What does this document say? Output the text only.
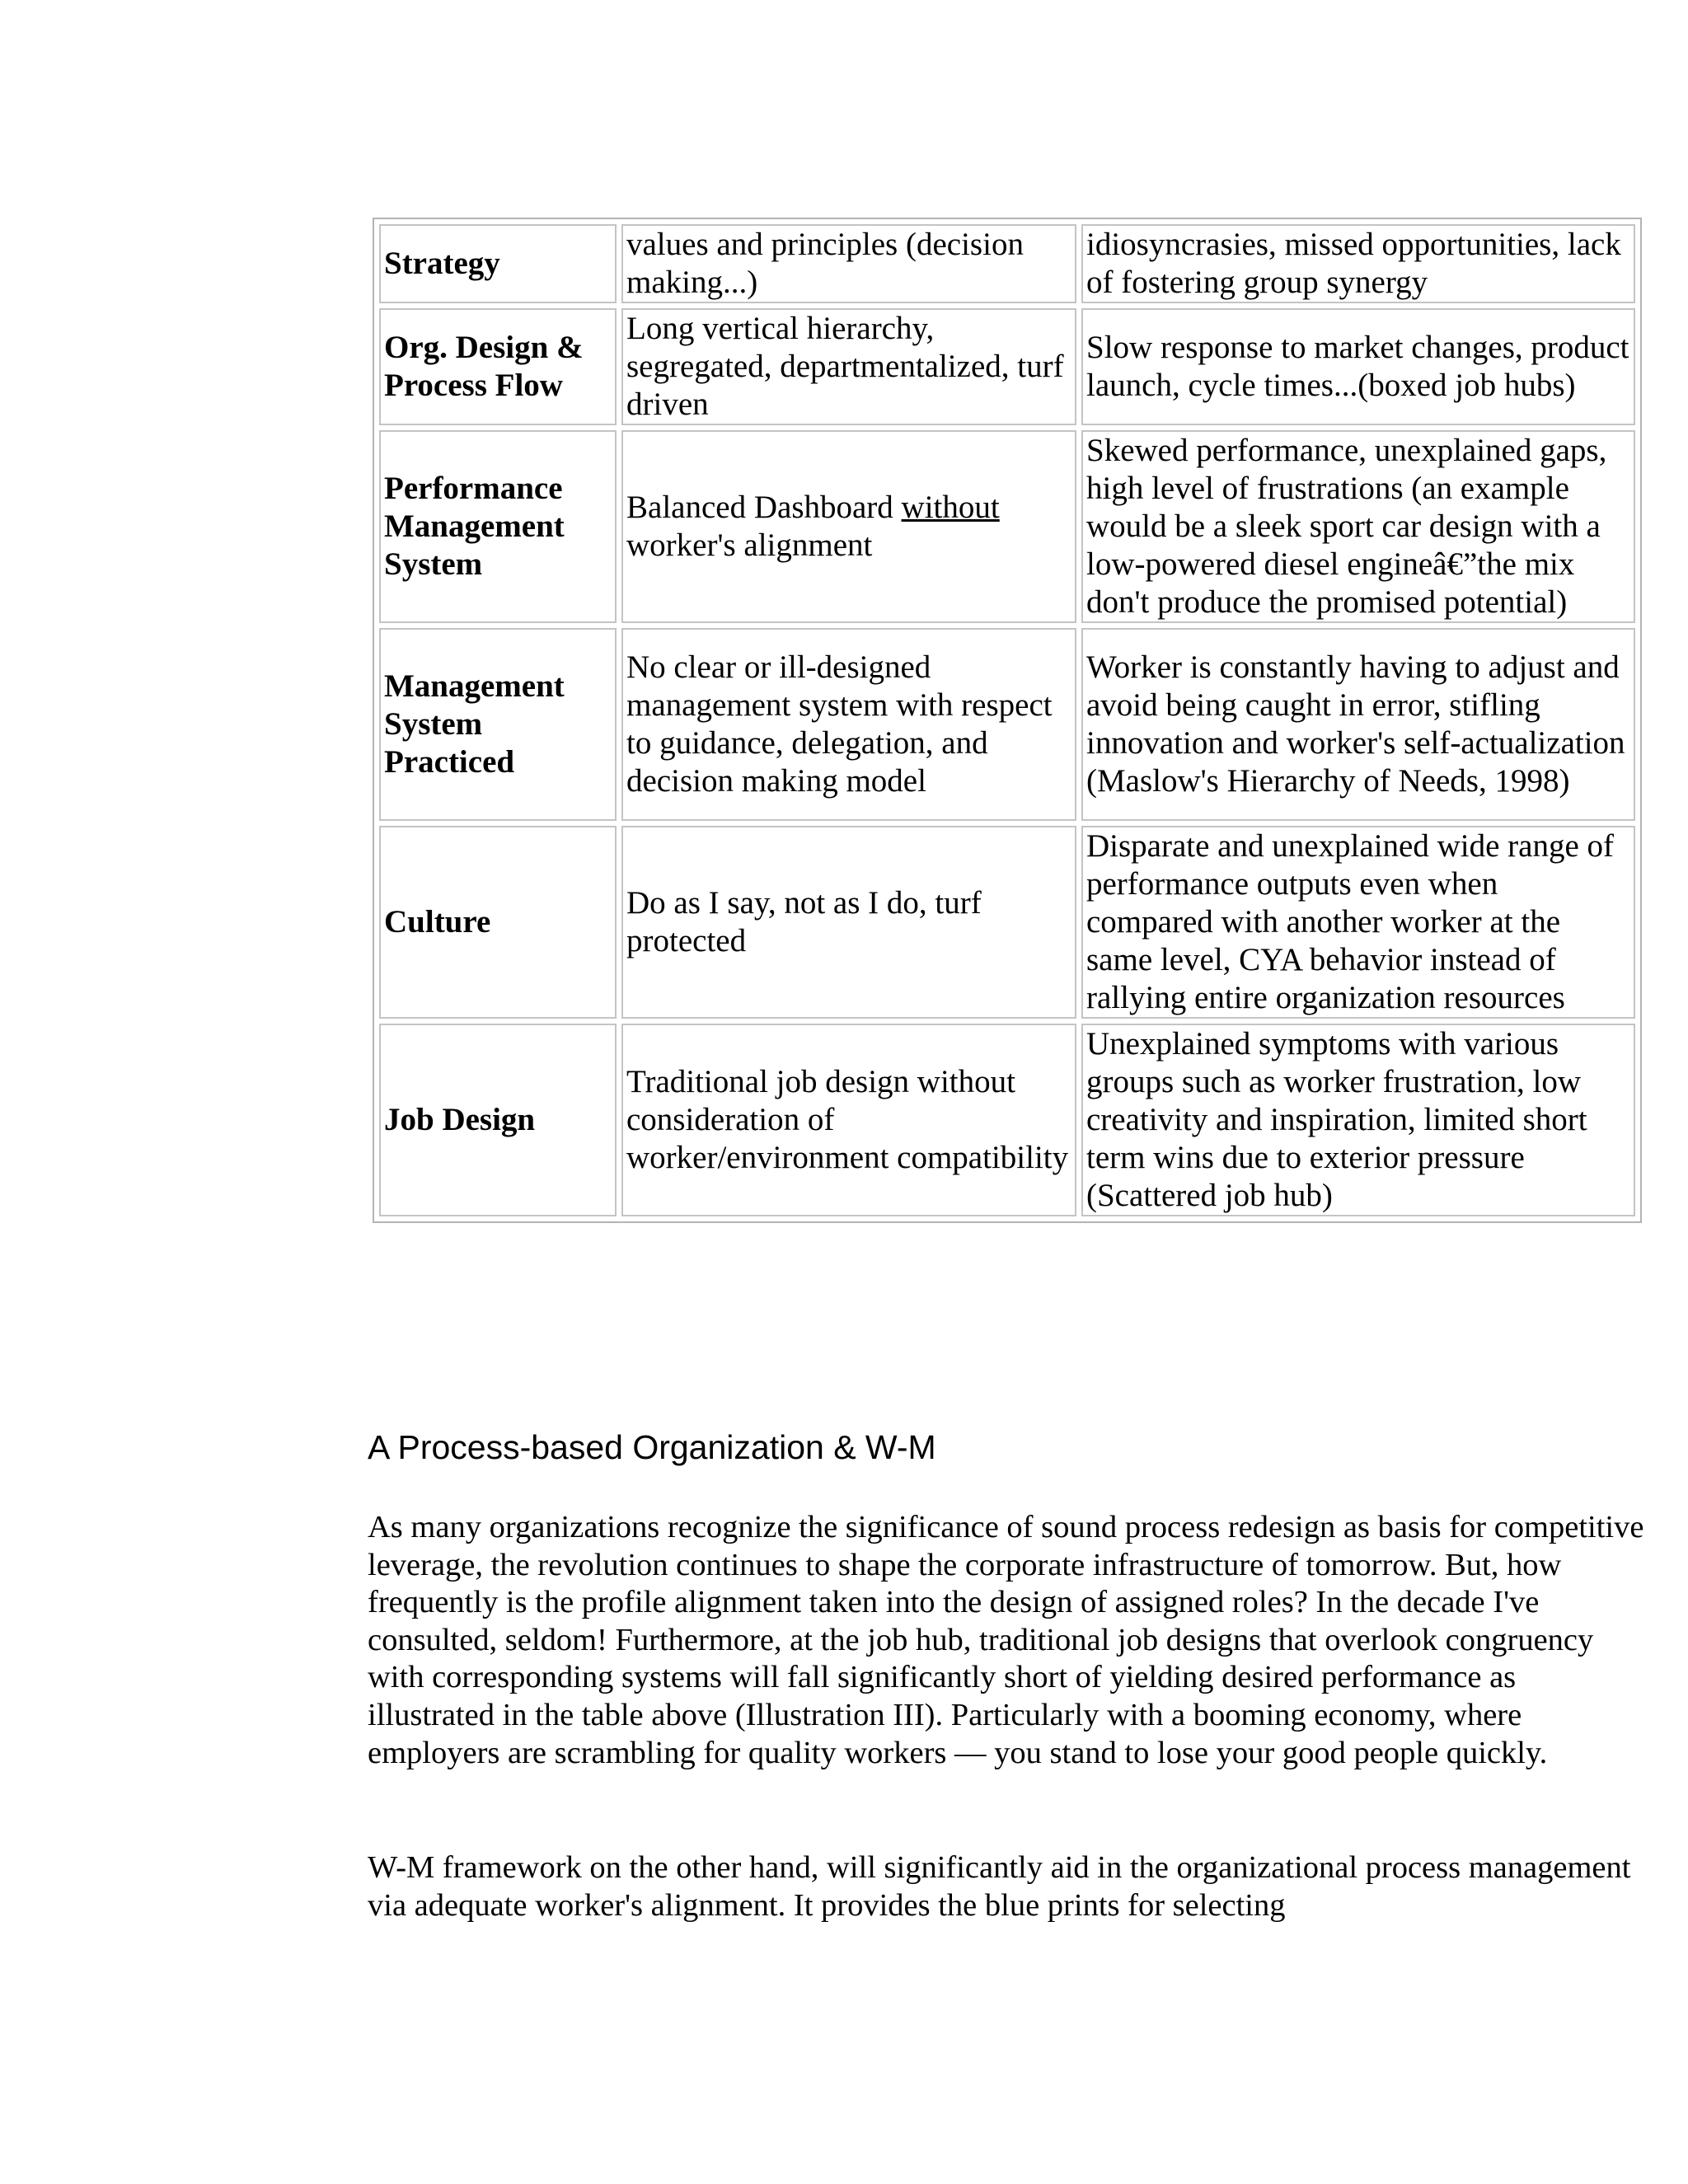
Strategy	values and principles (decision making...)	idiosyncrasies, missed opportunities, lack of fostering group synergy
Org. Design & Process Flow	Long vertical hierarchy, segregated, departmentalized, turf driven	Slow response to market changes, product launch, cycle times...(boxed job hubs)
Performance Management System	Balanced Dashboard without worker's alignment	Skewed performance, unexplained gaps, high level of frustrations (an example would be a sleek sport car design with a low-powered diesel engineâ€”the mix don't produce the promised potential)
Management System Practiced	No clear or ill-designed management system with respect to guidance, delegation, and decision making model	Worker is constantly having to adjust and avoid being caught in error, stifling innovation and worker's self-actualization (Maslow's Hierarchy of Needs, 1998)
Culture	Do as I say, not as I do, turf protected	Disparate and unexplained wide range of performance outputs even when compared with another worker at the same level, CYA behavior instead of rallying entire organization resources
Job Design	Traditional job design without consideration of worker/environment compatibility	Unexplained symptoms with various groups such as worker frustration, low creativity and inspiration, limited short term wins due to exterior pressure (Scattered job hub)
A Process-based Organization & W-M

As many organizations recognize the significance of sound process redesign as basis for competitive leverage, the revolution continues to shape the corporate infrastructure of tomorrow. But, how frequently is the profile alignment taken into the design of assigned roles? In the decade I've consulted, seldom! Furthermore, at the job hub, traditional job designs that overlook congruency with corresponding systems will fall significantly short of yielding desired performance as illustrated in the table above (Illustration III). Particularly with a booming economy, where employers are scrambling for quality workers — you stand to lose your good people quickly.

W-M framework on the other hand, will significantly aid in the organizational process management via adequate worker's alignment. It provides the blue prints for selecting
